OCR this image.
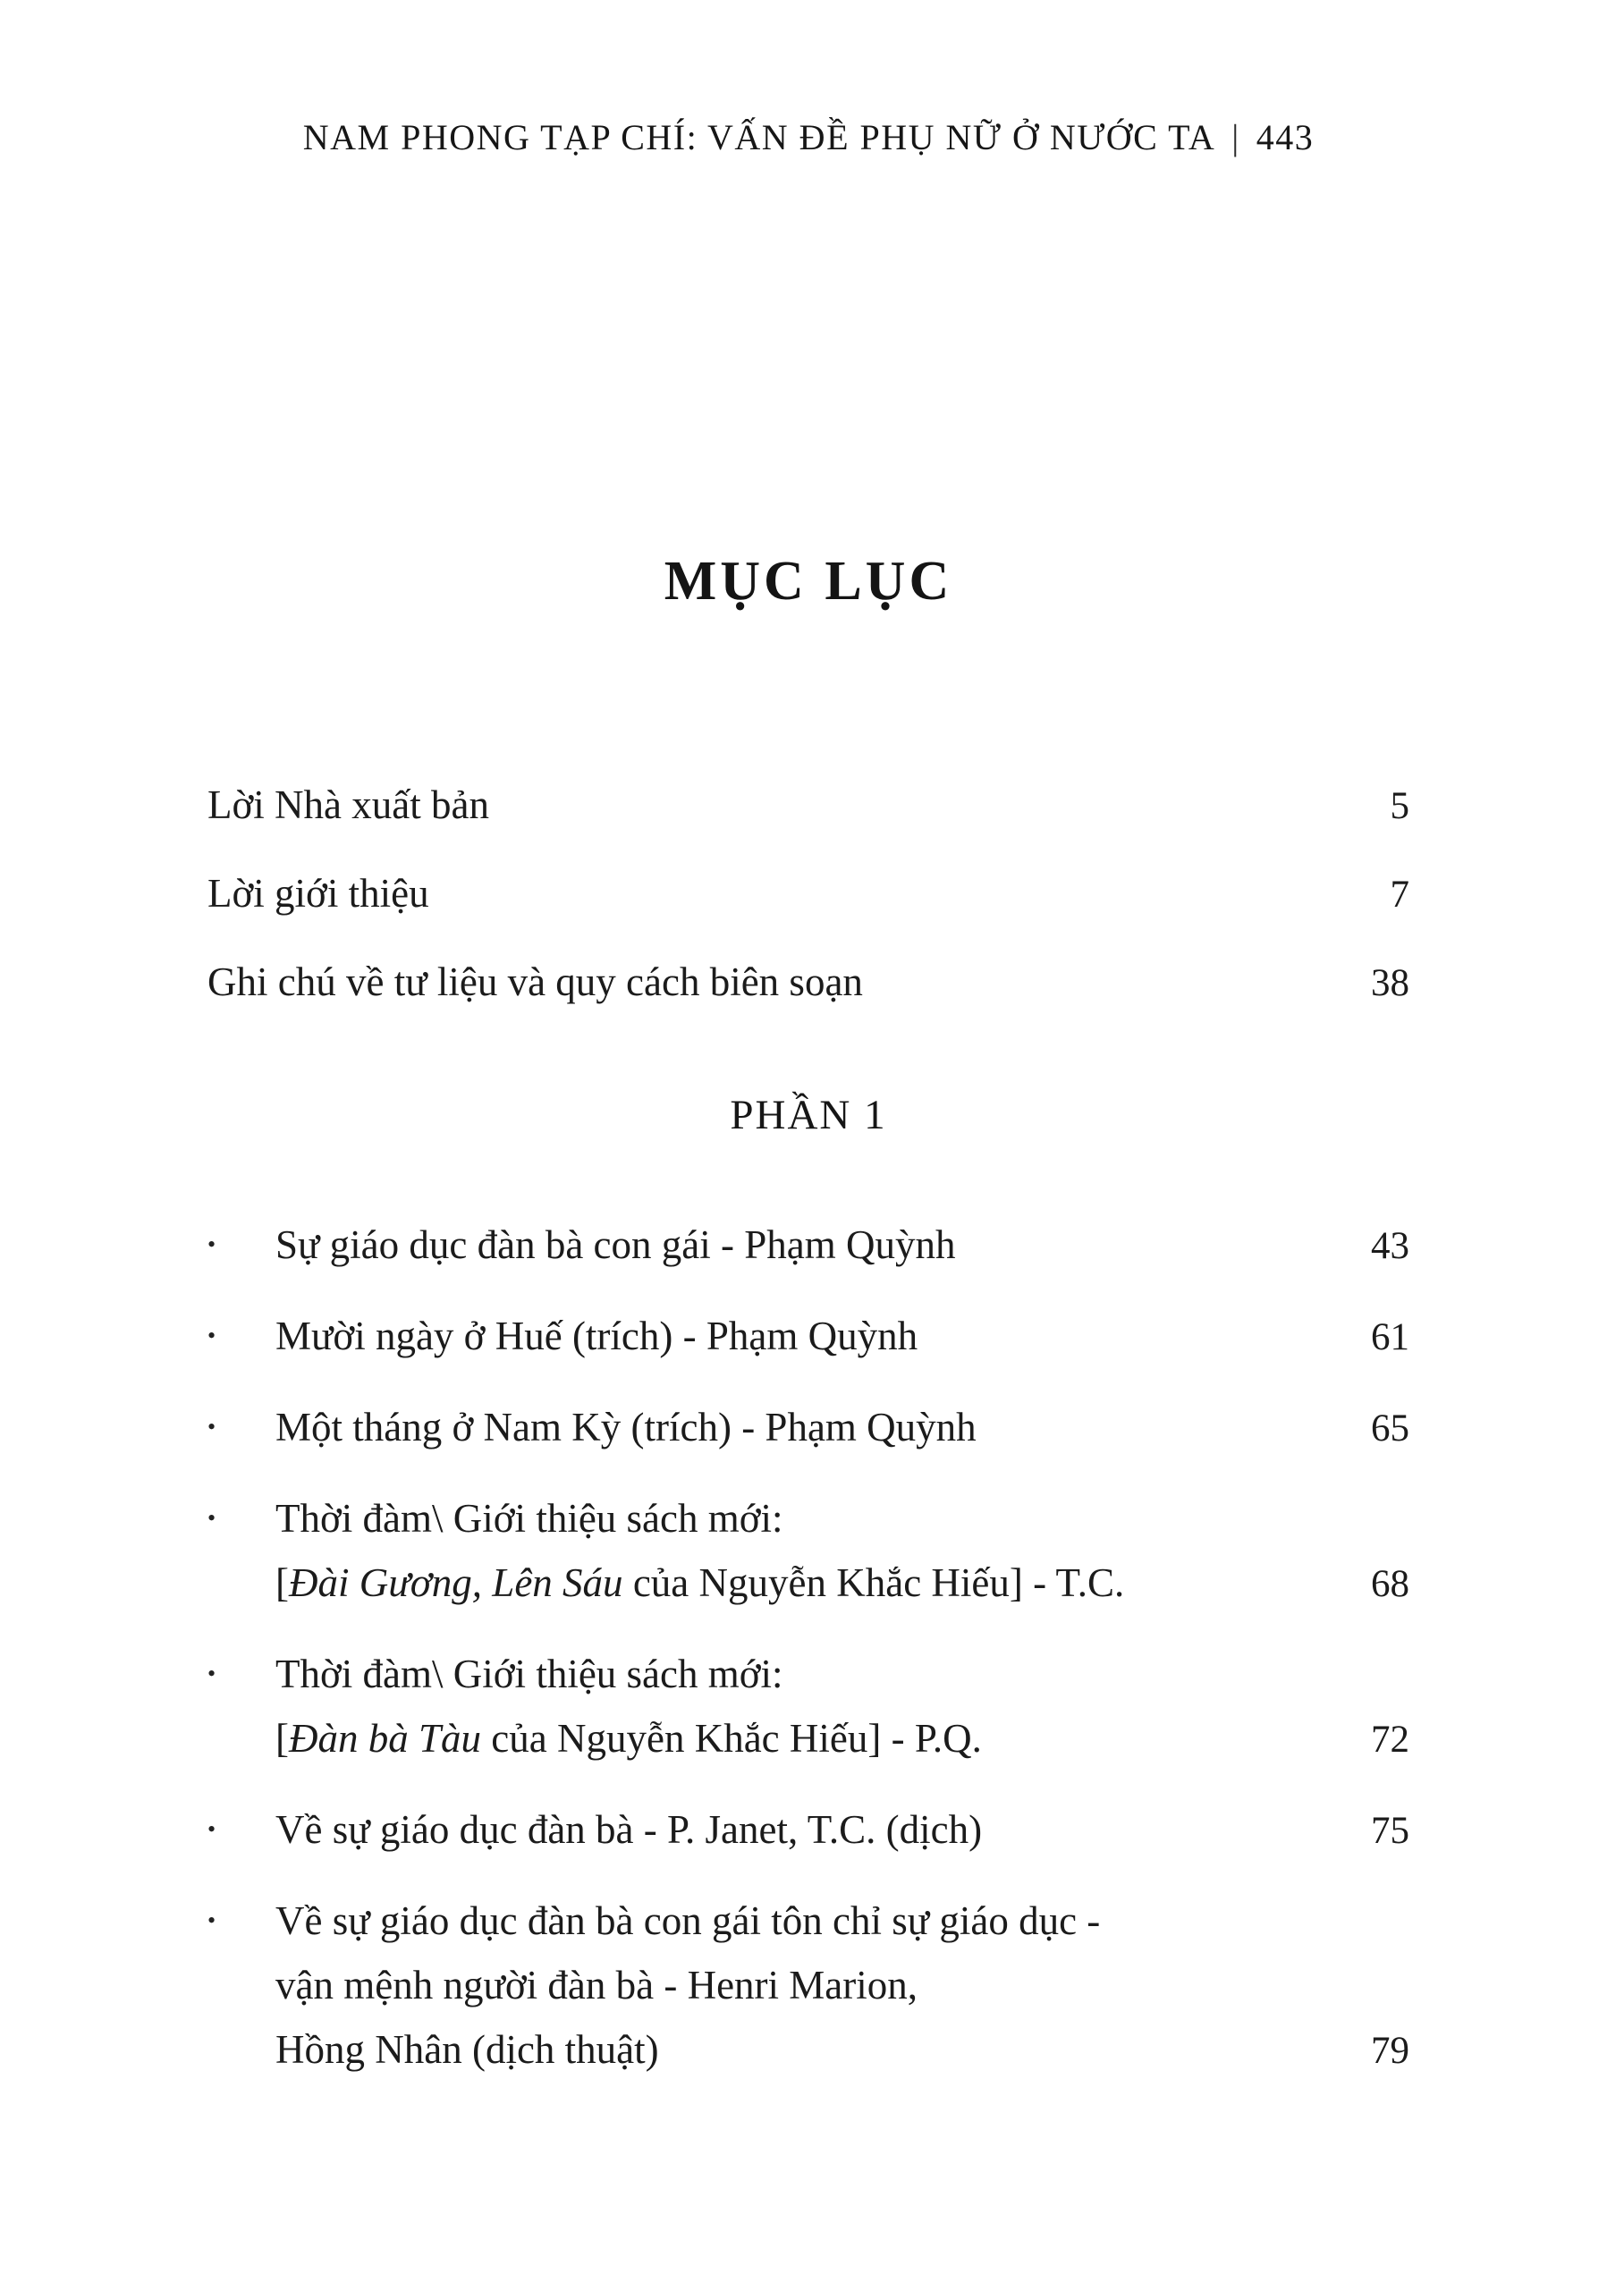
NAM PHONG TẠP CHÍ: VẤN ĐỀ PHỤ NỮ Ở NƯỚC TA | 443
MỤC LỤC
Lời Nhà xuất bản	5
Lời giới thiệu	7
Ghi chú về tư liệu và quy cách biên soạn	38
PHẦN 1
•	Sự giáo dục đàn bà con gái - Phạm Quỳnh	43
•	Mười ngày ở Huế (trích) - Phạm Quỳnh	61
•	Một tháng ở Nam Kỳ (trích) - Phạm Quỳnh	65
•	Thời đàm\ Giới thiệu sách mới:
[Đài Gương, Lên Sáu của Nguyễn Khắc Hiếu] - T.C.	68
•	Thời đàm\ Giới thiệu sách mới:
[Đàn bà Tàu của Nguyễn Khắc Hiếu] - P.Q.	72
•	Về sự giáo dục đàn bà - P. Janet, T.C. (dịch)	75
•	Về sự giáo dục đàn bà con gái tôn chỉ sự giáo dục -
vận mệnh người đàn bà - Henri Marion,
Hồng Nhân (dịch thuật)	79
